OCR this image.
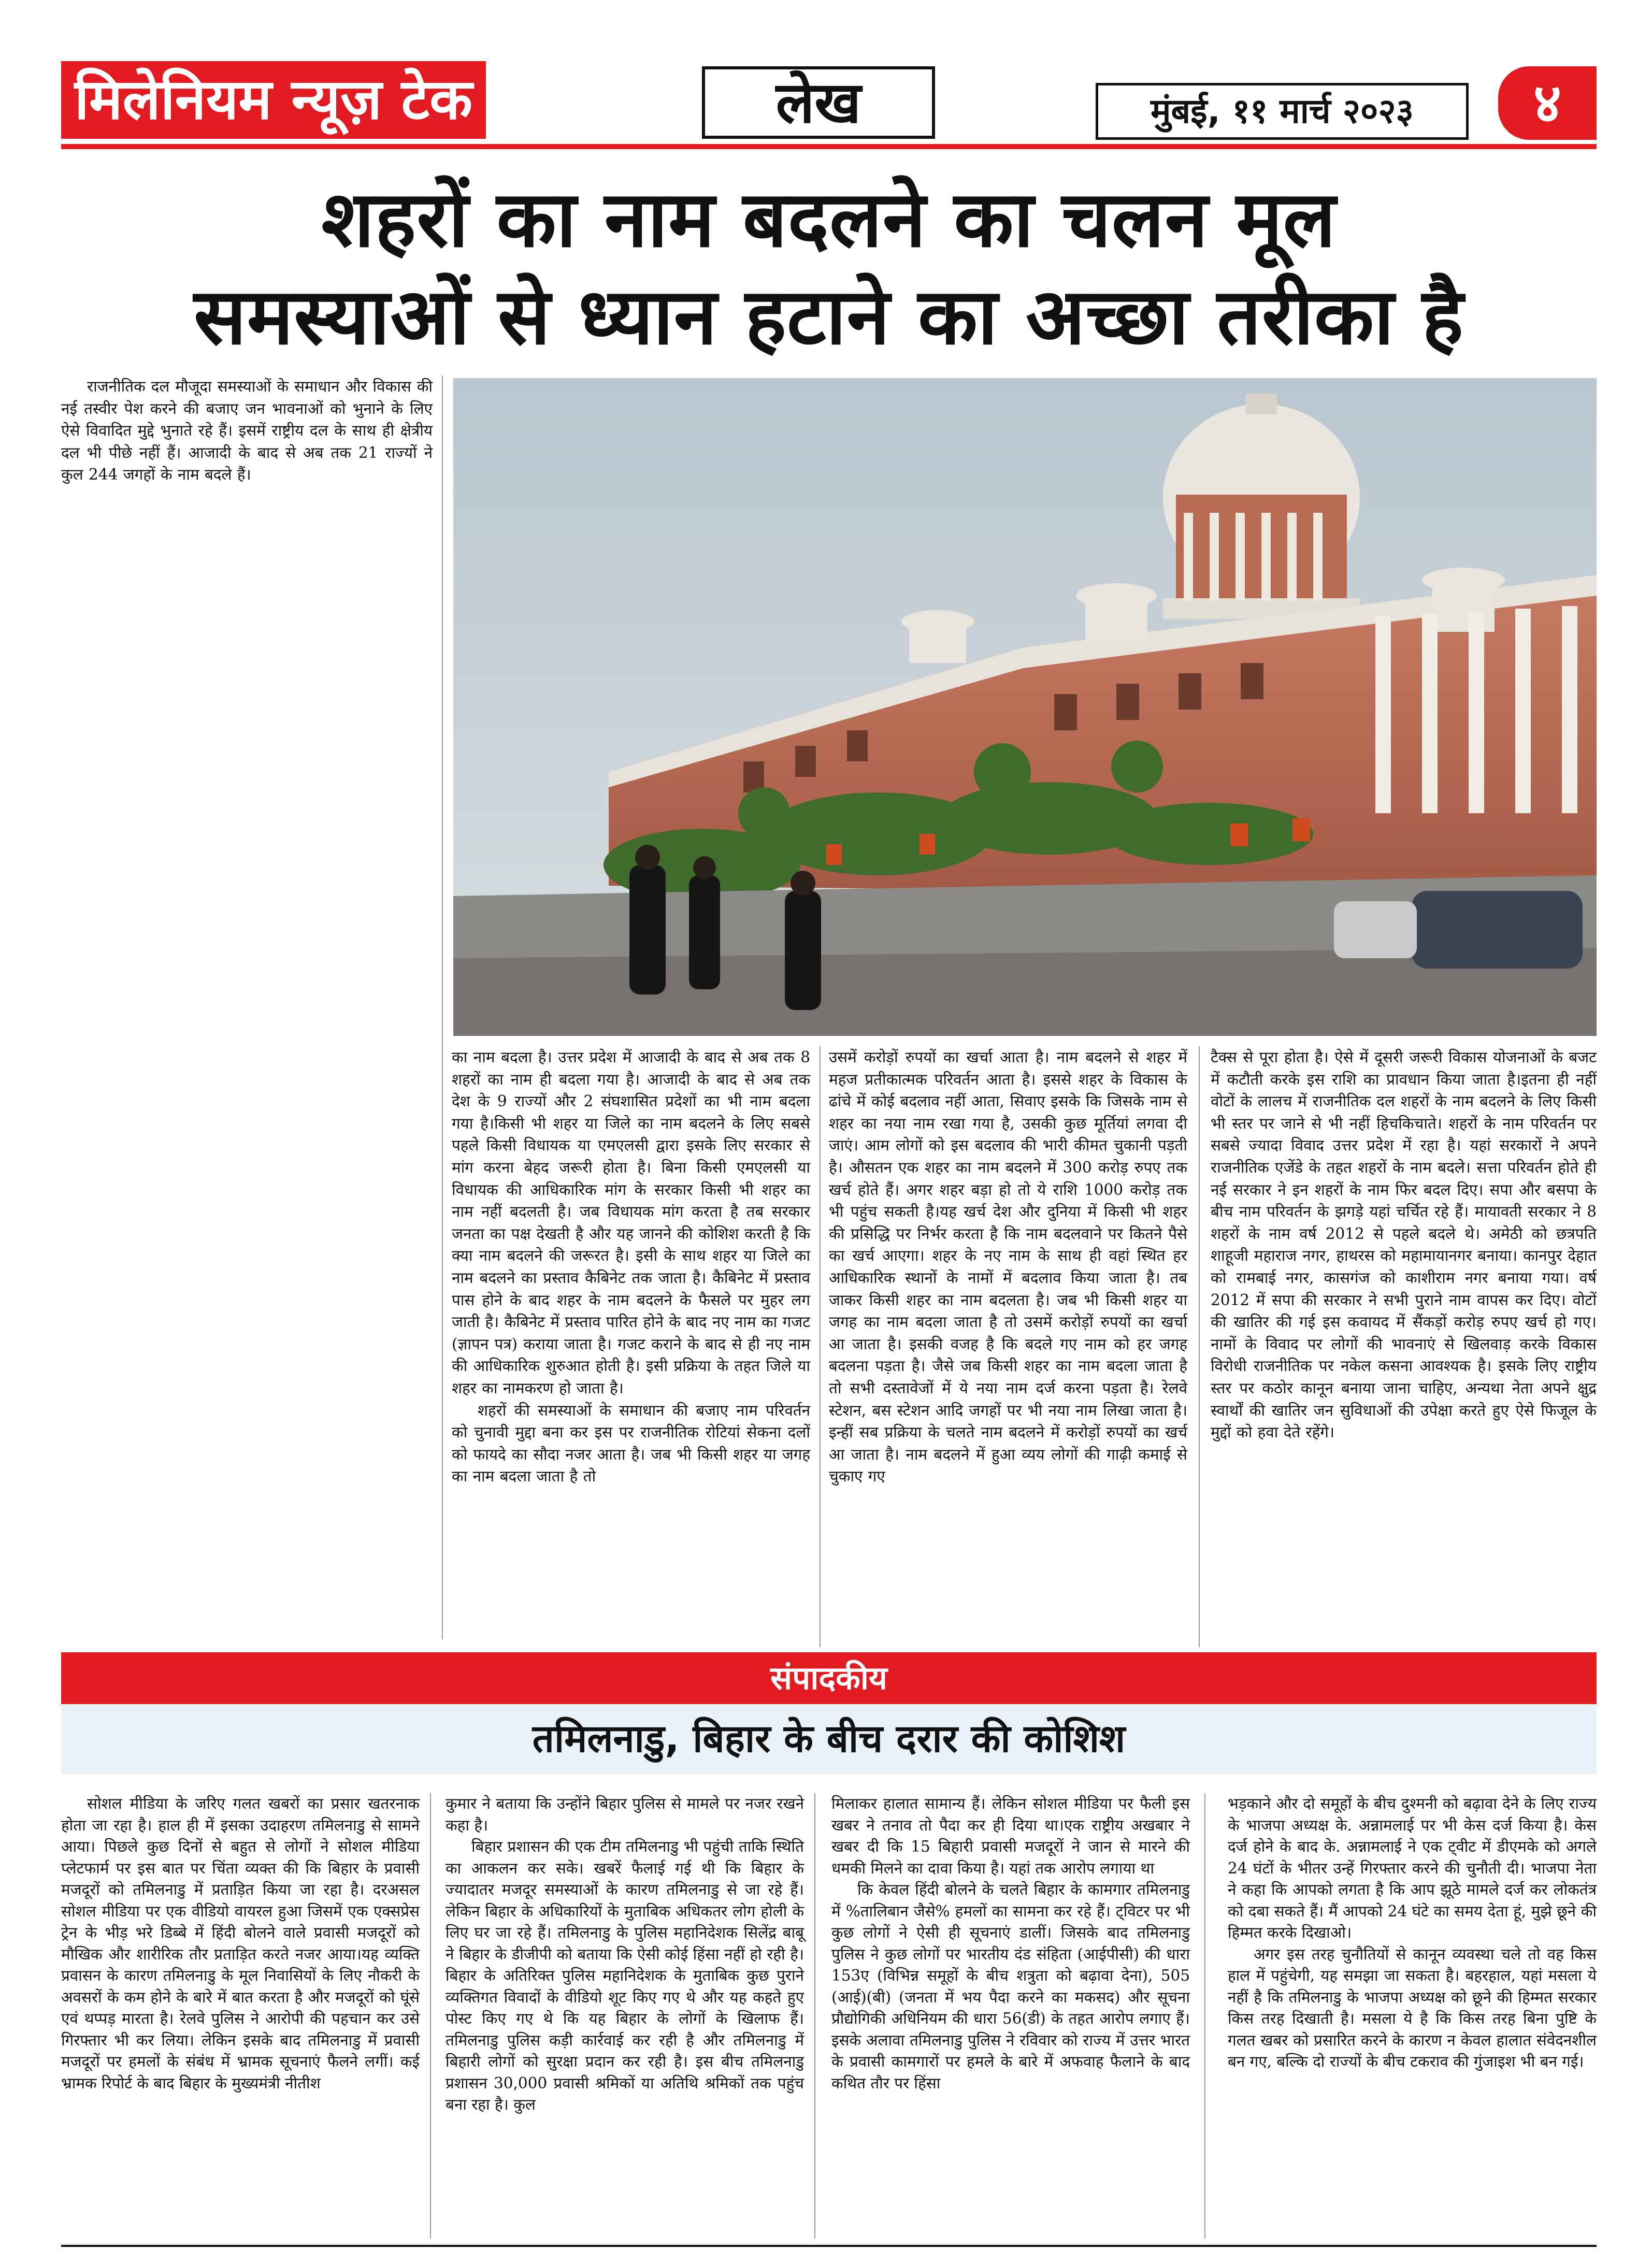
मिलेनियम न्यूज़ टेक	लेख	मुंबई, ११ मार्च २०२३	४
शहरों का नाम बदलने का चलन मूल
समस्याओं से ध्यान हटाने का अच्छा तरीका है

राजनीतिक दल मौजूदा समस्याओं के समाधान और विकास की नई तस्वीर पेश करने की बजाए जन भावनाओं को भुनाने के लिए ऐसे विवादित मुद्दे भुनाते रहे हैं। इसमें राष्ट्रीय दल के साथ ही क्षेत्रीय दल भी पीछे नहीं हैं। आजादी के बाद से अब तक 21 राज्यों ने कुल 244 जगहों के नाम बदले हैं।

का नाम बदला है। उत्तर प्रदेश में आजादी के बाद से अब तक 8 शहरों का नाम ही बदला गया है। आजादी के बाद से अब तक देश के 9 राज्यों और 2 संघशासित प्रदेशों का भी नाम बदला गया है।किसी भी शहर या जिले का नाम बदलने के लिए सबसे पहले किसी विधायक या एमएलसी द्वारा इसके लिए सरकार से मांग करना बेहद जरूरी होता है। बिना किसी एमएलसी या विधायक की आधिकारिक मांग के सरकार किसी भी शहर का नाम नहीं बदलती है। जब विधायक मांग करता है तब सरकार जनता का पक्ष देखती है और यह जानने की कोशिश करती है कि क्या नाम बदलने की जरूरत है। इसी के साथ शहर या जिले का नाम बदलने का प्रस्ताव कैबिनेट तक जाता है। कैबिनेट में प्रस्ताव पास होने के बाद शहर के नाम बदलने के फैसले पर मुहर लग जाती है। कैबिनेट में प्रस्ताव पारित होने के बाद नए नाम का गजट (ज्ञापन पत्र) कराया जाता है। गजट कराने के बाद से ही नए नाम की आधिकारिक शुरुआत होती है। इसी प्रक्रिया के तहत जिले या शहर का नामकरण हो जाता है।

शहरों की समस्याओं के समाधान की बजाए नाम परिवर्तन को चुनावी मुद्दा बना कर इस पर राजनीतिक रोटियां सेकना दलों को फायदे का सौदा नजर आता है। जब भी किसी शहर या जगह का नाम बदला जाता है तो

उसमें करोड़ों रुपयों का खर्चा आता है। नाम बदलने से शहर में महज प्रतीकात्मक परिवर्तन आता है। इससे शहर के विकास के ढांचे में कोई बदलाव नहीं आता, सिवाए इसके कि जिसके नाम से शहर का नया नाम रखा गया है, उसकी कुछ मूर्तियां लगवा दी जाएं। आम लोगों को इस बदलाव की भारी कीमत चुकानी पड़ती है। औसतन एक शहर का नाम बदलने में 300 करोड़ रुपए तक खर्च होते हैं। अगर शहर बड़ा हो तो ये राशि 1000 करोड़ तक भी पहुंच सकती है।यह खर्च देश और दुनिया में किसी भी शहर की प्रसिद्धि पर निर्भर करता है कि नाम बदलवाने पर कितने पैसे का खर्च आएगा। शहर के नए नाम के साथ ही वहां स्थित हर आधिकारिक स्थानों के नामों में बदलाव किया जाता है। तब जाकर किसी शहर का नाम बदलता है। जब भी किसी शहर या जगह का नाम बदला जाता है तो उसमें करोड़ों रुपयों का खर्चा आ जाता है। इसकी वजह है कि बदले गए नाम को हर जगह बदलना पड़ता है। जैसे जब किसी शहर का नाम बदला जाता है तो सभी दस्तावेजों में ये नया नाम दर्ज करना पड़ता है। रेलवे स्टेशन, बस स्टेशन आदि जगहों पर भी नया नाम लिखा जाता है। इन्हीं सब प्रक्रिया के चलते नाम बदलने में करोड़ों रुपयों का खर्च आ जाता है। नाम बदलने में हुआ व्यय लोगों की गाढ़ी कमाई से चुकाए गए

टैक्स से पूरा होता है। ऐसे में दूसरी जरूरी विकास योजनाओं के बजट में कटौती करके इस राशि का प्रावधान किया जाता है।इतना ही नहीं वोटों के लालच में राजनीतिक दल शहरों के नाम बदलने के लिए किसी भी स्तर पर जाने से भी नहीं हिचकिचाते। शहरों के नाम परिवर्तन पर सबसे ज्यादा विवाद उत्तर प्रदेश में रहा है। यहां सरकारों ने अपने राजनीतिक एजेंडे के तहत शहरों के नाम बदले। सत्ता परिवर्तन होते ही नई सरकार ने इन शहरों के नाम फिर बदल दिए। सपा और बसपा के बीच नाम परिवर्तन के झगड़े यहां चर्चित रहे हैं। मायावती सरकार ने 8 शहरों के नाम वर्ष 2012 से पहले बदले थे। अमेठी को छत्रपति शाहूजी महाराज नगर, हाथरस को महामायानगर बनाया। कानपुर देहात को रामबाई नगर, कासगंज को काशीराम नगर बनाया गया। वर्ष 2012 में सपा की सरकार ने सभी पुराने नाम वापस कर दिए। वोटों की खातिर की गई इस कवायद में सैंकड़ों करोड़ रुपए खर्च हो गए। नामों के विवाद पर लोगों की भावनाएं से खिलवाड़ करके विकास विरोधी राजनीतिक पर नकेल कसना आवश्यक है। इसके लिए राष्ट्रीय स्तर पर कठोर कानून बनाया जाना चाहिए, अन्यथा नेता अपने क्षुद्र स्वार्थों की खातिर जन सुविधाओं की उपेक्षा करते हुए ऐसे फिजूल के मुद्दों को हवा देते रहेंगे।

संपादकीय
तमिलनाडु, बिहार के बीच दरार की कोशिश

सोशल मीडिया के जरिए गलत खबरों का प्रसार खतरनाक होता जा रहा है। हाल ही में इसका उदाहरण तमिलनाडु से सामने आया। पिछले कुछ दिनों से बहुत से लोगों ने सोशल मीडिया प्लेटफार्म पर इस बात पर चिंता व्यक्त की कि बिहार के प्रवासी मजदूरों को तमिलनाडु में प्रताड़ित किया जा रहा है। दरअसल सोशल मीडिया पर एक वीडियो वायरल हुआ जिसमें एक एक्सप्रेस ट्रेन के भीड़ भरे डिब्बे में हिंदी बोलने वाले प्रवासी मजदूरों को मौखिक और शारीरिक तौर प्रताड़ित करते नजर आया।यह व्यक्ति प्रवासन के कारण तमिलनाडु के मूल निवासियों के लिए नौकरी के अवसरों के कम होने के बारे में बात करता है और मजदूरों को घूंसे एवं थप्पड़ मारता है। रेलवे पुलिस ने आरोपी की पहचान कर उसे गिरफ्तार भी कर लिया। लेकिन इसके बाद तमिलनाडु में प्रवासी मजदूरों पर हमलों के संबंध में भ्रामक सूचनाएं फैलने लगीं। कई भ्रामक रिपोर्ट के बाद बिहार के मुख्यमंत्री नीतीश

कुमार ने बताया कि उन्होंने बिहार पुलिस से मामले पर नजर रखने कहा है।

बिहार प्रशासन की एक टीम तमिलनाडु भी पहुंची ताकि स्थिति का आकलन कर सके। खबरें फैलाई गई थी कि बिहार के ज्यादातर मजदूर समस्याओं के कारण तमिलनाडु से जा रहे हैं। लेकिन बिहार के अधिकारियों के मुताबिक अधिकतर लोग होली के लिए घर जा रहे हैं। तमिलनाडु के पुलिस महानिदेशक सिलेंद्र बाबू ने बिहार के डीजीपी को बताया कि ऐसी कोई हिंसा नहीं हो रही है।बिहार के अतिरिक्त पुलिस महानिदेशक के मुताबिक कुछ पुराने व्यक्तिगत विवादों के वीडियो शूट किए गए थे और यह कहते हुए पोस्ट किए गए थे कि यह बिहार के लोगों के खिलाफ हैं। तमिलनाडु पुलिस कड़ी कार्रवाई कर रही है और तमिलनाडु में बिहारी लोगों को सुरक्षा प्रदान कर रही है। इस बीच तमिलनाडु प्रशासन 30,000 प्रवासी श्रमिकों या अतिथि श्रमिकों तक पहुंच बना रहा है। कुल

मिलाकर हालात सामान्य हैं। लेकिन सोशल मीडिया पर फैली इस खबर ने तनाव तो पैदा कर ही दिया था।एक राष्ट्रीय अखबार ने खबर दी कि 15 बिहारी प्रवासी मजदूरों ने जान से मारने की धमकी मिलने का दावा किया है। यहां तक आरोप लगाया था

कि केवल हिंदी बोलने के चलते बिहार के कामगार तमिलनाडु में %तालिबान जैसे% हमलों का सामना कर रहे हैं। ट्विटर पर भी कुछ लोगों ने ऐसी ही सूचनाएं डालीं। जिसके बाद तमिलनाडु पुलिस ने कुछ लोगों पर भारतीय दंड संहिता (आईपीसी) की धारा 153ए (विभिन्न समूहों के बीच शत्रुता को बढ़ावा देना), 505 (आई)(बी) (जनता में भय पैदा करने का मकसद) और सूचना प्रौद्योगिकी अधिनियम की धारा 56(डी) के तहत आरोप लगाए हैं।इसके अलावा तमिलनाडु पुलिस ने रविवार को राज्य में उत्तर भारत के प्रवासी कामगारों पर हमले के बारे में अफवाह फैलाने के बाद कथित तौर पर हिंसा

भड़काने और दो समूहों के बीच दुश्मनी को बढ़ावा देने के लिए राज्य के भाजपा अध्यक्ष के. अन्नामलाई पर भी केस दर्ज किया है। केस दर्ज होने के बाद के. अन्नामलाई ने एक ट्वीट में डीएमके को अगले 24 घंटों के भीतर उन्हें गिरफ्तार करने की चुनौती दी। भाजपा नेता ने कहा कि आपको लगता है कि आप झूठे मामले दर्ज कर लोकतंत्र को दबा सकते हैं। मैं आपको 24 घंटे का समय देता हूं, मुझे छूने की हिम्मत करके दिखाओ।

अगर इस तरह चुनौतियों से कानून व्यवस्था चले तो वह किस हाल में पहुंचेगी, यह समझा जा सकता है। बहरहाल, यहां मसला ये नहीं है कि तमिलनाडु के भाजपा अध्यक्ष को छूने की हिम्मत सरकार किस तरह दिखाती है। मसला ये है कि किस तरह बिना पुष्टि के गलत खबर को प्रसारित करने के कारण न केवल हालात संवेदनशील बन गए, बल्कि दो राज्यों के बीच टकराव की गुंजाइश भी बन गई।
